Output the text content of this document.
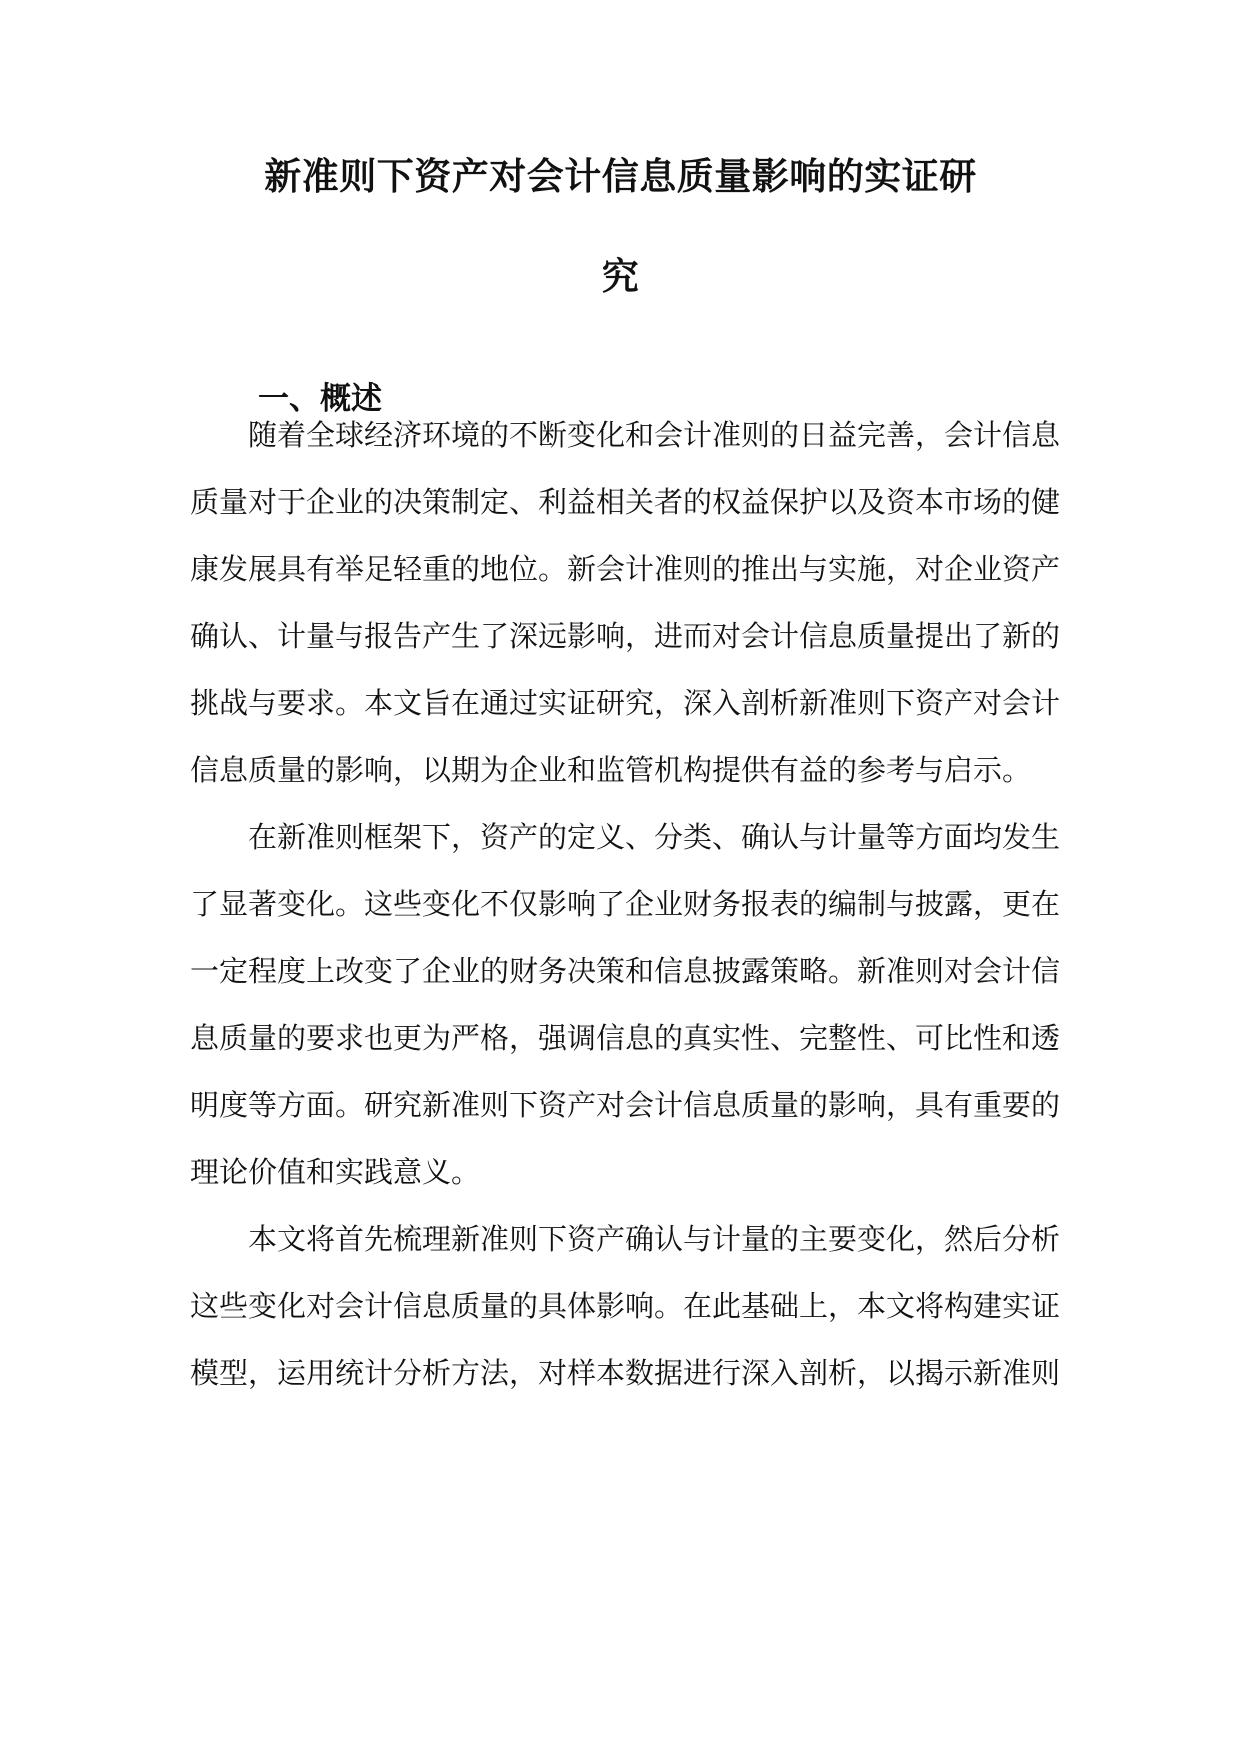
新准则下资产对会计信息质量影响的实证研
究
一、概述
随着全球经济环境的不断变化和会计准则的日益完善，会计信息
质量对于企业的决策制定、利益相关者的权益保护以及资本市场的健
康发展具有举足轻重的地位。新会计准则的推出与实施，对企业资产
确认、计量与报告产生了深远影响，进而对会计信息质量提出了新的
挑战与要求。本文旨在通过实证研究，深入剖析新准则下资产对会计
信息质量的影响，以期为企业和监管机构提供有益的参考与启示。
在新准则框架下，资产的定义、分类、确认与计量等方面均发生
了显著变化。这些变化不仅影响了企业财务报表的编制与披露，更在
一定程度上改变了企业的财务决策和信息披露策略。新准则对会计信
息质量的要求也更为严格，强调信息的真实性、完整性、可比性和透
明度等方面。研究新准则下资产对会计信息质量的影响，具有重要的
理论价值和实践意义。
本文将首先梳理新准则下资产确认与计量的主要变化，然后分析
这些变化对会计信息质量的具体影响。在此基础上，本文将构建实证
模型，运用统计分析方法，对样本数据进行深入剖析，以揭示新准则
